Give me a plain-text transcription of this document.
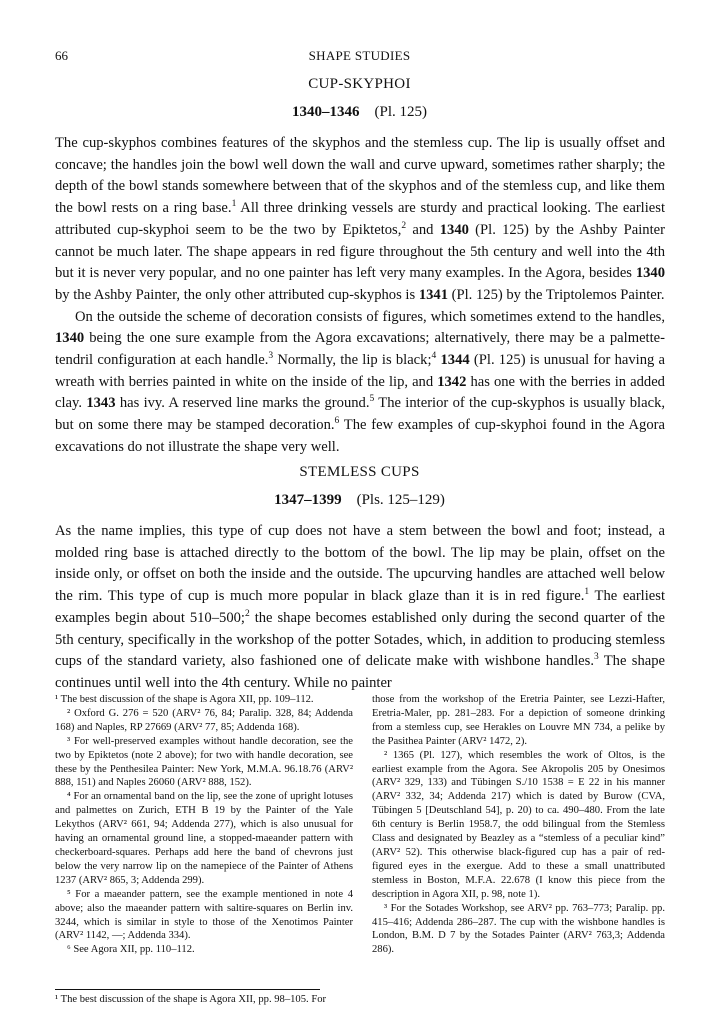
66	SHAPE STUDIES
CUP-SKYPHOI
1340–1346 (Pl. 125)

The cup-skyphos combines features of the skyphos and the stemless cup. The lip is usually offset and concave; the handles join the bowl well down the wall and curve upward, sometimes rather sharply; the depth of the bowl stands somewhere between that of the skyphos and of the stemless cup, and like them the bowl rests on a ring base.$^1$ All three drinking vessels are sturdy and practical looking. The earliest attributed cup-skyphoi seem to be the two by Epiktetos,$^2$ and 1340 (Pl. 125) by the Ashby Painter cannot be much later. The shape appears in red figure throughout the 5th century and well into the 4th but it is never very popular, and no one painter has left very many examples. In the Agora, besides 1340 by the Ashby Painter, the only other attributed cup-skyphos is 1341 (Pl. 125) by the Triptolemos Painter.

On the outside the scheme of decoration consists of figures, which sometimes extend to the handles, 1340 being the one sure example from the Agora excavations; alternatively, there may be a palmette-tendril configuration at each handle.$^3$ Normally, the lip is black;$^4$ 1344 (Pl. 125) is unusual for having a wreath with berries painted in white on the inside of the lip, and 1342 has one with the berries in added clay. 1343 has ivy. A reserved line marks the ground.$^5$ The interior of the cup-skyphos is usually black, but on some there may be stamped decoration.$^6$ The few examples of cup-skyphoi found in the Agora excavations do not illustrate the shape very well.

STEMLESS CUPS
1347–1399 (Pls. 125–129)

As the name implies, this type of cup does not have a stem between the bowl and foot; instead, a molded ring base is attached directly to the bottom of the bowl. The lip may be plain, offset on the inside only, or offset on both the inside and the outside. The upcurving handles are attached well below the rim. This type of cup is much more popular in black glaze than it is in red figure.$^1$ The earliest examples begin about 510–500;$^2$ the shape becomes established only during the second quarter of the 5th century, specifically in the workshop of the potter Sotades, which, in addition to producing stemless cups of the standard variety, also fashioned one of delicate make with wishbone handles.$^3$ The shape continues until well into the 4th century. While no painter

¹ The best discussion of the shape is Agora XII, pp. 109–112.

² Oxford G. 276 = 520 (ARV² 76, 84; Paralip. 328, 84; Addenda 168) and Naples, RP 27669 (ARV² 77, 85; Addenda 168).

³ For well-preserved examples without handle decoration, see the two by Epiktetos (note 2 above); for two with handle decoration, see these by the Penthesilea Painter: New York, M.M.A. 96.18.76 (ARV² 888, 151) and Naples 26060 (ARV² 888, 152).

⁴ For an ornamental band on the lip, see the zone of upright lotuses and palmettes on Zurich, ETH B 19 by the Painter of the Yale Lekythos (ARV² 661, 94; Addenda 277), which is also unusual for having an ornamental ground line, a stopped-maeander pattern with checkerboard-squares. Perhaps add here the band of chevrons just below the very narrow lip on the namepiece of the Painter of Athens 1237 (ARV² 865, 3; Addenda 299).

⁵ For a maeander pattern, see the example mentioned in note 4 above; also the maeander pattern with saltire-squares on Berlin inv. 3244, which is similar in style to those of the Xenotimos Painter (ARV² 1142, —; Addenda 334).

⁶ See Agora XII, pp. 110–112.

those from the workshop of the Eretria Painter, see Lezzi-Hafter, Eretria-Maler, pp. 281–283. For a depiction of someone drinking from a stemless cup, see Herakles on Louvre MN 734, a pelike by the Pasithea Painter (ARV² 1472, 2).

² 1365 (Pl. 127), which resembles the work of Oltos, is the earliest example from the Agora. See Akropolis 205 by Onesimos (ARV² 329, 133) and Tübingen S./10 1538 = E 22 in his manner (ARV² 332, 34; Addenda 217) which is dated by Burow (CVA, Tübingen 5 [Deutschland 54], p. 20) to ca. 490–480. From the late 6th century is Berlin 1958.7, the odd bilingual from the Stemless Class and designated by Beazley as a “stemless of a peculiar kind” (ARV² 52). This otherwise black-figured cup has a pair of red-figured eyes in the exergue. Add to these a small unattributed stemless in Boston, M.F.A. 22.678 (I know this piece from the description in Agora XII, p. 98, note 1).

³ For the Sotades Workshop, see ARV² pp. 763–773; Paralip. pp. 415–416; Addenda 286–287. The cup with the wishbone handles is London, B.M. D 7 by the Sotades Painter (ARV² 763,3; Addenda 286).

¹ The best discussion of the shape is Agora XII, pp. 98–105. For
